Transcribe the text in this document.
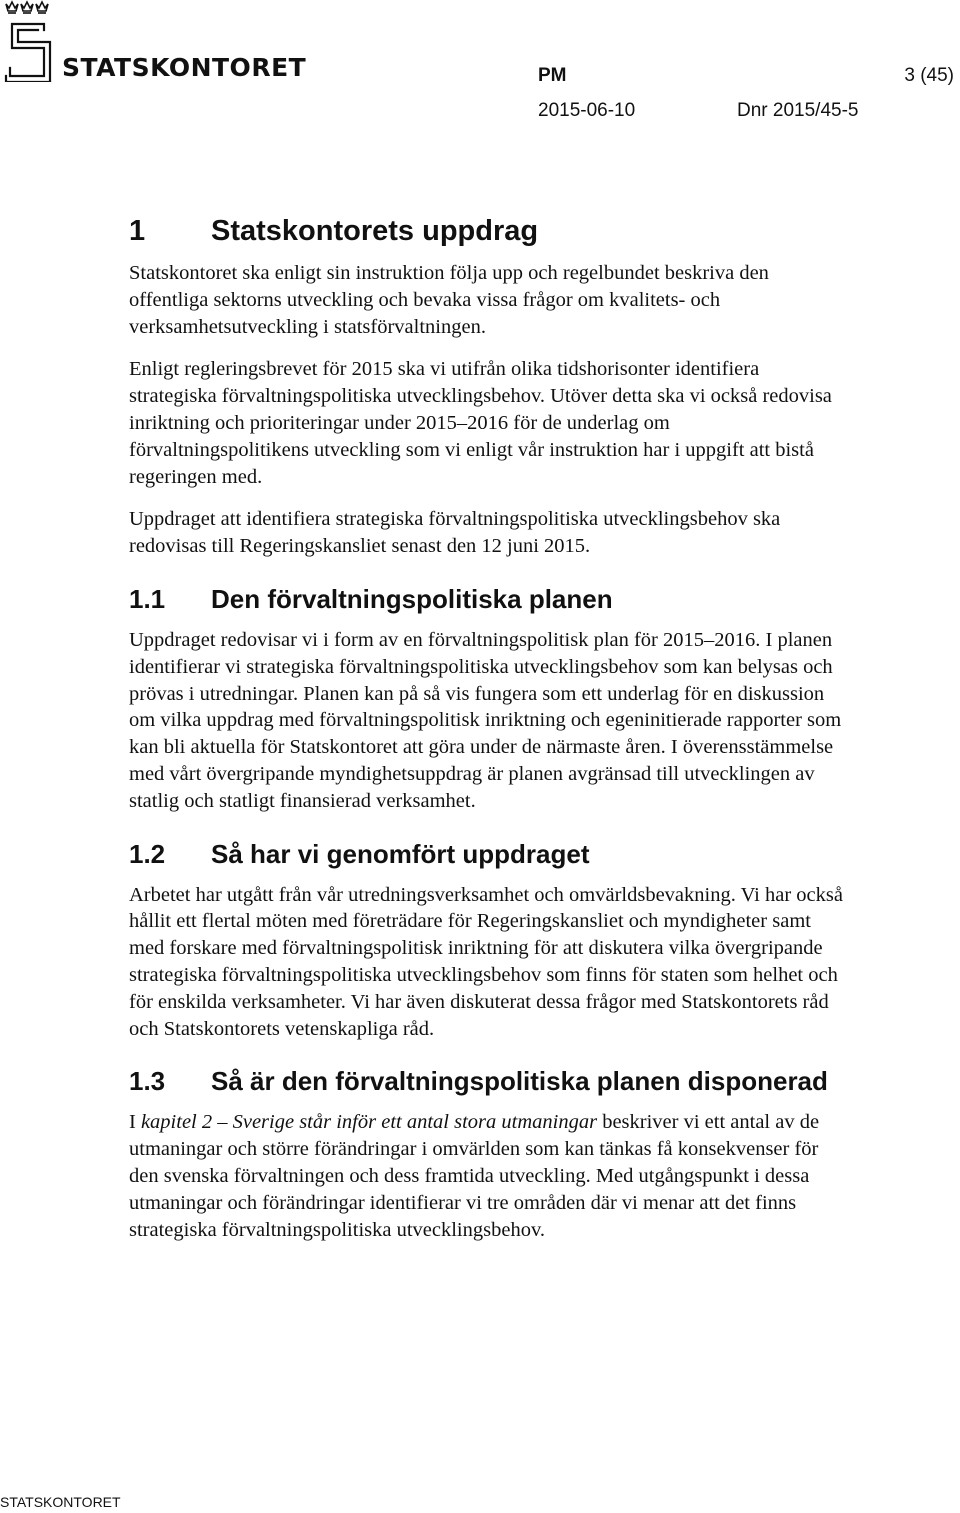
STATSKONTORET	PM	3 (45)
2015-06-10	Dnr 2015/45-5
1	Statskontorets uppdrag

Statskontoret ska enligt sin instruktion följa upp och regelbundet beskriva den offentliga sektorns utveckling och bevaka vissa frågor om kvalitets- och verksamhetsutveckling i statsförvaltningen.

Enligt regleringsbrevet för 2015 ska vi utifrån olika tidshorisonter identifiera strategiska förvaltningspolitiska utvecklingsbehov. Utöver detta ska vi också redovisa inriktning och prioriteringar under 2015–2016 för de underlag om förvaltningspolitikens utveckling som vi enligt vår instruktion har i uppgift att bistå regeringen med.

Uppdraget att identifiera strategiska förvaltningspolitiska utvecklingsbehov ska redovisas till Regeringskansliet senast den 12 juni 2015.

1.1	Den förvaltningspolitiska planen

Uppdraget redovisar vi i form av en förvaltningspolitisk plan för 2015–2016. I planen identifierar vi strategiska förvaltningspolitiska utvecklingsbehov som kan belysas och prövas i utredningar. Planen kan på så vis fungera som ett underlag för en diskussion om vilka uppdrag med förvaltningspolitisk inriktning och egeninitierade rapporter som kan bli aktuella för Statskontoret att göra under de närmaste åren. I överensstämmelse med vårt övergripande myndighetsuppdrag är planen avgränsad till utvecklingen av statlig och statligt finansierad verksamhet.

1.2	Så har vi genomfört uppdraget

Arbetet har utgått från vår utredningsverksamhet och omvärldsbevakning. Vi har också hållit ett flertal möten med företrädare för Regeringskansliet och myndigheter samt med forskare med förvaltningspolitisk inriktning för att diskutera vilka övergripande strategiska förvaltningspolitiska utvecklingsbehov som finns för staten som helhet och för enskilda verksamheter. Vi har även diskuterat dessa frågor med Statskontorets råd och Statskontorets vetenskapliga råd.

1.3	Så är den förvaltningspolitiska planen disponerad

I kapitel 2 – Sverige står inför ett antal stora utmaningar beskriver vi ett antal av de utmaningar och större förändringar i omvärlden som kan tänkas få konsekvenser för den svenska förvaltningen och dess framtida utveckling. Med utgångspunkt i dessa utmaningar och förändringar identifierar vi tre områden där vi menar att det finns strategiska förvaltningspolitiska utvecklingsbehov.

STATSKONTORET
